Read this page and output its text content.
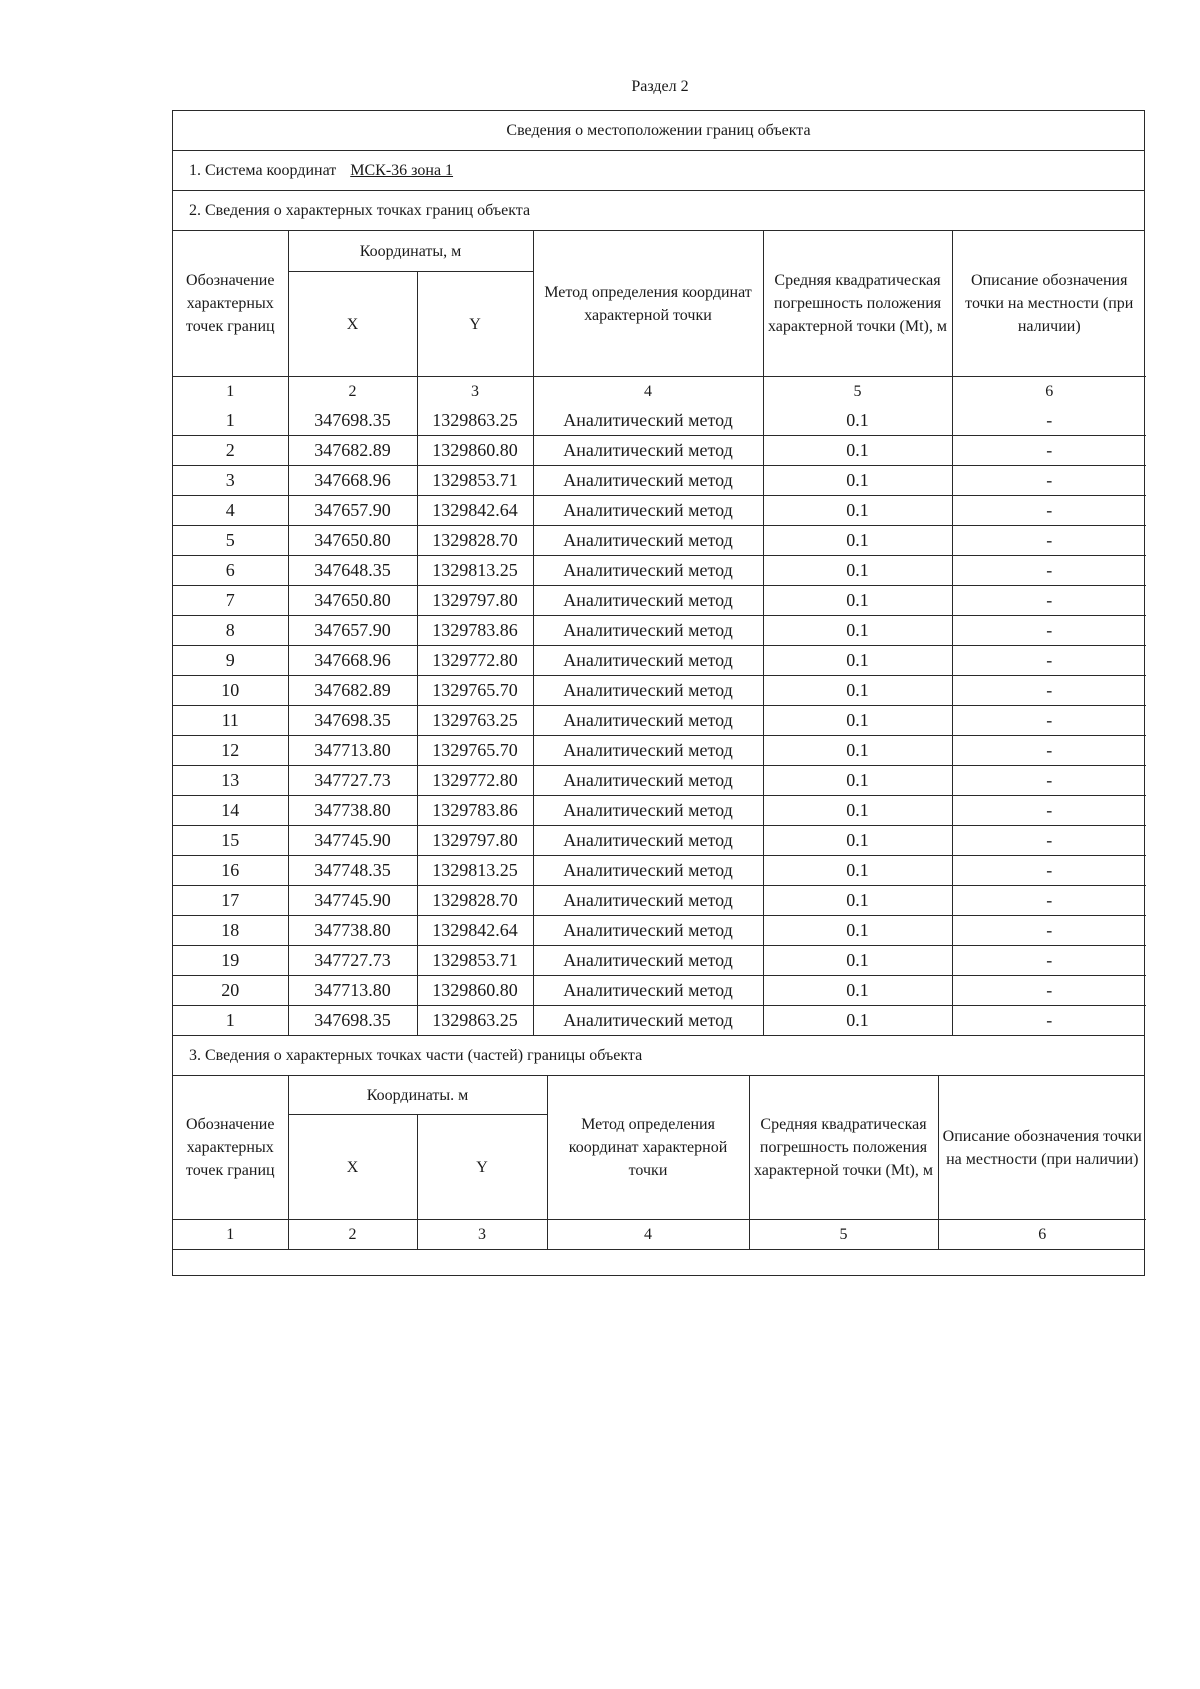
Раздел 2
Сведения о местоположении границ объекта
1. Система координат МСК-36 зона 1
2. Сведения о характерных точках границ объекта

Обозначение характерных точек границ	Координаты, м	Метод определения координат характерной точки	Средняя квадратическая погрешность положения характерной точки (Mt), м	Описание обозначения точки на местности (при наличии)
X	Y
1	2	3	4	5	6
1	347698.35	1329863.25	Аналитический метод	0.1	-
2	347682.89	1329860.80	Аналитический метод	0.1	-
3	347668.96	1329853.71	Аналитический метод	0.1	-
4	347657.90	1329842.64	Аналитический метод	0.1	-
5	347650.80	1329828.70	Аналитический метод	0.1	-
6	347648.35	1329813.25	Аналитический метод	0.1	-
7	347650.80	1329797.80	Аналитический метод	0.1	-
8	347657.90	1329783.86	Аналитический метод	0.1	-
9	347668.96	1329772.80	Аналитический метод	0.1	-
10	347682.89	1329765.70	Аналитический метод	0.1	-
11	347698.35	1329763.25	Аналитический метод	0.1	-
12	347713.80	1329765.70	Аналитический метод	0.1	-
13	347727.73	1329772.80	Аналитический метод	0.1	-
14	347738.80	1329783.86	Аналитический метод	0.1	-
15	347745.90	1329797.80	Аналитический метод	0.1	-
16	347748.35	1329813.25	Аналитический метод	0.1	-
17	347745.90	1329828.70	Аналитический метод	0.1	-
18	347738.80	1329842.64	Аналитический метод	0.1	-
19	347727.73	1329853.71	Аналитический метод	0.1	-
20	347713.80	1329860.80	Аналитический метод	0.1	-
1	347698.35	1329863.25	Аналитический метод	0.1	-

3. Сведения о характерных точках части (частей) границы объекта

Обозначение характерных точек границ	Координаты. м	Метод определения координат характерной точки	Средняя квадратическая погрешность положения характерной точки (Mt), м	Описание обозначения точки на местности (при наличии)
X	Y
1	2	3	4	5	6
